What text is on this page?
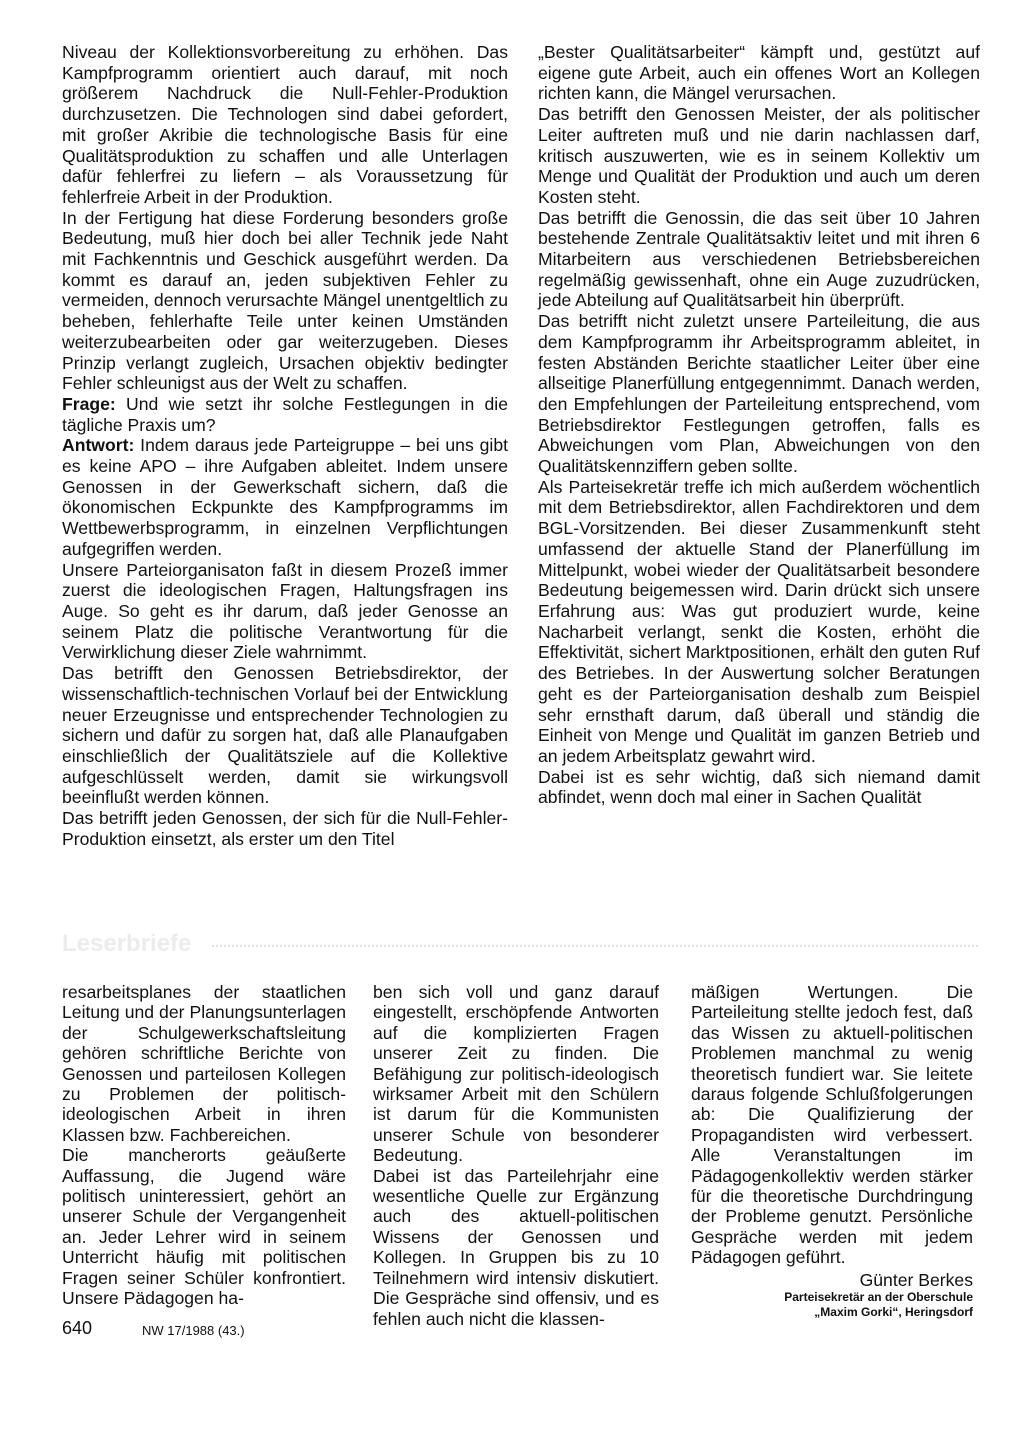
Niveau der Kollektionsvorbereitung zu erhöhen. Das Kampfprogramm orientiert auch darauf, mit noch größerem Nachdruck die Null-Fehler-Produktion durchzusetzen. Die Technologen sind dabei gefordert, mit großer Akribie die technologische Basis für eine Qualitätsproduktion zu schaffen und alle Unterlagen dafür fehlerfrei zu liefern – als Voraussetzung für fehlerfreie Arbeit in der Produktion.

In der Fertigung hat diese Forderung besonders große Bedeutung, muß hier doch bei aller Technik jede Naht mit Fachkenntnis und Geschick ausgeführt werden. Da kommt es darauf an, jeden subjektiven Fehler zu vermeiden, dennoch verursachte Mängel unentgeltlich zu beheben, fehlerhafte Teile unter keinen Umständen weiterzubearbeiten oder gar weiterzugeben. Dieses Prinzip verlangt zugleich, Ursachen objektiv bedingter Fehler schleunigst aus der Welt zu schaffen.

Frage: Und wie setzt ihr solche Festlegungen in die tägliche Praxis um?

Antwort: Indem daraus jede Parteigruppe – bei uns gibt es keine APO – ihre Aufgaben ableitet. Indem unsere Genossen in der Gewerkschaft sichern, daß die ökonomischen Eckpunkte des Kampfprogramms im Wettbewerbsprogramm, in einzelnen Verpflichtungen aufgegriffen werden.

Unsere Parteiorganisaton faßt in diesem Prozeß immer zuerst die ideologischen Fragen, Haltungsfragen ins Auge. So geht es ihr darum, daß jeder Genosse an seinem Platz die politische Verantwortung für die Verwirklichung dieser Ziele wahrnimmt.

Das betrifft den Genossen Betriebsdirektor, der wissenschaftlich-technischen Vorlauf bei der Entwicklung neuer Erzeugnisse und entsprechender Technologien zu sichern und dafür zu sorgen hat, daß alle Planaufgaben einschließlich der Qualitätsziele auf die Kollektive aufgeschlüsselt werden, damit sie wirkungsvoll beeinflußt werden können.

Das betrifft jeden Genossen, der sich für die Null-Fehler-Produktion einsetzt, als erster um den Titel

„Bester Qualitätsarbeiter“ kämpft und, gestützt auf eigene gute Arbeit, auch ein offenes Wort an Kollegen richten kann, die Mängel verursachen.

Das betrifft den Genossen Meister, der als politischer Leiter auftreten muß und nie darin nachlassen darf, kritisch auszuwerten, wie es in seinem Kollektiv um Menge und Qualität der Produktion und auch um deren Kosten steht.

Das betrifft die Genossin, die das seit über 10 Jahren bestehende Zentrale Qualitätsaktiv leitet und mit ihren 6 Mitarbeitern aus verschiedenen Betriebsbereichen regelmäßig gewissenhaft, ohne ein Auge zuzudrücken, jede Abteilung auf Qualitätsarbeit hin überprüft.

Das betrifft nicht zuletzt unsere Parteileitung, die aus dem Kampfprogramm ihr Arbeitsprogramm ableitet, in festen Abständen Berichte staatlicher Leiter über eine allseitige Planerfüllung entgegennimmt. Danach werden, den Empfehlungen der Parteileitung entsprechend, vom Betriebsdirektor Festlegungen getroffen, falls es Abweichungen vom Plan, Abweichungen von den Qualitätskennziffern geben sollte.

Als Parteisekretär treffe ich mich außerdem wöchentlich mit dem Betriebsdirektor, allen Fachdirektoren und dem BGL-Vorsitzenden. Bei dieser Zusammenkunft steht umfassend der aktuelle Stand der Planerfüllung im Mittelpunkt, wobei wieder der Qualitätsarbeit besondere Bedeutung beigemessen wird. Darin drückt sich unsere Erfahrung aus: Was gut produziert wurde, keine Nacharbeit verlangt, senkt die Kosten, erhöht die Effektivität, sichert Marktpositionen, erhält den guten Ruf des Betriebes. In der Auswertung solcher Beratungen geht es der Parteiorganisation deshalb zum Beispiel sehr ernsthaft darum, daß überall und ständig die Einheit von Menge und Qualität im ganzen Betrieb und an jedem Arbeitsplatz gewahrt wird.

Dabei ist es sehr wichtig, daß sich niemand damit abfindet, wenn doch mal einer in Sachen Qualität

Leserbriefe

resarbeitsplanes der staatlichen Leitung und der Planungsunterlagen der Schulgewerkschaftsleitung gehören schriftliche Berichte von Genossen und parteilosen Kollegen zu Problemen der politisch-ideologischen Arbeit in ihren Klassen bzw. Fachbereichen.

Die mancherorts geäußerte Auffassung, die Jugend wäre politisch uninteressiert, gehört an unserer Schule der Vergangenheit an. Jeder Lehrer wird in seinem Unterricht häufig mit politischen Fragen seiner Schüler konfrontiert. Unsere Pädagogen ha-

ben sich voll und ganz darauf eingestellt, erschöpfende Antworten auf die komplizierten Fragen unserer Zeit zu finden. Die Befähigung zur politisch-ideologisch wirksamer Arbeit mit den Schülern ist darum für die Kommunisten unserer Schule von besonderer Bedeutung.

Dabei ist das Parteilehrjahr eine wesentliche Quelle zur Ergänzung auch des aktuell-politischen Wissens der Genossen und Kollegen. In Gruppen bis zu 10 Teilnehmern wird intensiv diskutiert. Die Gespräche sind offensiv, und es fehlen auch nicht die klassen-

mäßigen Wertungen. Die Parteileitung stellte jedoch fest, daß das Wissen zu aktuell-politischen Problemen manchmal zu wenig theoretisch fundiert war. Sie leitete daraus folgende Schlußfolgerungen ab: Die Qualifizierung der Propagandisten wird verbessert. Alle Veranstaltungen im Pädagogenkollektiv werden stärker für die theoretische Durchdringung der Probleme genutzt. Persönliche Gespräche werden mit jedem Pädagogen geführt.

Günter Berkes
Parteisekretär an der Oberschule
„Maxim Gorki“, Heringsdorf
640	NW 17/1988 (43.)
